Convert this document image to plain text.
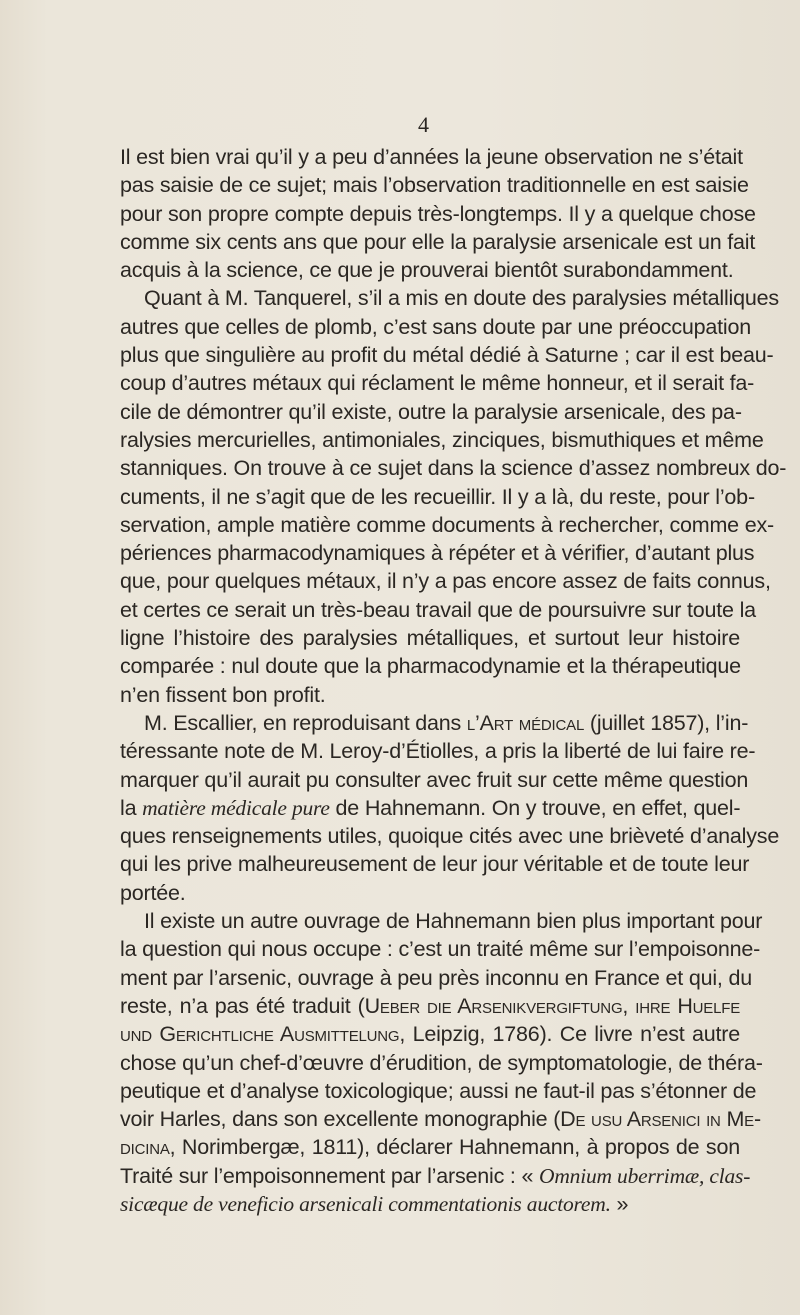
4
Il est bien vrai qu’il y a peu d’années la jeune observation ne s’était
pas saisie de ce sujet; mais l’observation traditionnelle en est saisie
pour son propre compte depuis très-longtemps. Il y a quelque chose
comme six cents ans que pour elle la paralysie arsenicale est un fait
acquis à la science, ce que je prouverai bientôt surabondamment.
Quant à M. Tanquerel, s’il a mis en doute des paralysies métalliques
autres que celles de plomb, c’est sans doute par une préoccupation
plus que singulière au profit du métal dédié à Saturne ; car il est beau-
coup d’autres métaux qui réclament le même honneur, et il serait fa-
cile de démontrer qu’il existe, outre la paralysie arsenicale, des pa-
ralysies mercurielles, antimoniales, zinciques, bismuthiques et même
stanniques. On trouve à ce sujet dans la science d’assez nombreux do-
cuments, il ne s’agit que de les recueillir. Il y a là, du reste, pour l’ob-
servation, ample matière comme documents à rechercher, comme ex-
périences pharmacodynamiques à répéter et à vérifier, d’autant plus
que, pour quelques métaux, il n’y a pas encore assez de faits connus,
et certes ce serait un très-beau travail que de poursuivre sur toute la
ligne l’histoire des paralysies métalliques, et surtout leur histoire
comparée : nul doute que la pharmacodynamie et la thérapeutique
n’en fissent bon profit.
M. Escallier, en reproduisant dans l’Art médical (juillet 1857), l’in-
téressante note de M. Leroy-d’Étiolles, a pris la liberté de lui faire re-
marquer qu’il aurait pu consulter avec fruit sur cette même question
la matière médicale pure de Hahnemann. On y trouve, en effet, quel-
ques renseignements utiles, quoique cités avec une brièveté d’analyse
qui les prive malheureusement de leur jour véritable et de toute leur
portée.
Il existe un autre ouvrage de Hahnemann bien plus important pour
la question qui nous occupe : c’est un traité même sur l’empoisonne-
ment par l’arsenic, ouvrage à peu près inconnu en France et qui, du
reste, n’a pas été traduit (Ueber die Arsenikvergiftung, ihre Huelfe
und Gerichtliche Ausmittelung, Leipzig, 1786). Ce livre n’est autre
chose qu’un chef-d’œuvre d’érudition, de symptomatologie, de théra-
peutique et d’analyse toxicologique; aussi ne faut-il pas s’étonner de
voir Harles, dans son excellente monographie (De usu Arsenici in Me-
dicina, Norimbergæ, 1811), déclarer Hahnemann, à propos de son
Traité sur l’empoisonnement par l’arsenic : « Omnium uberrimæ, clas-
sicæque de veneficio arsenicali commentationis auctorem. »
